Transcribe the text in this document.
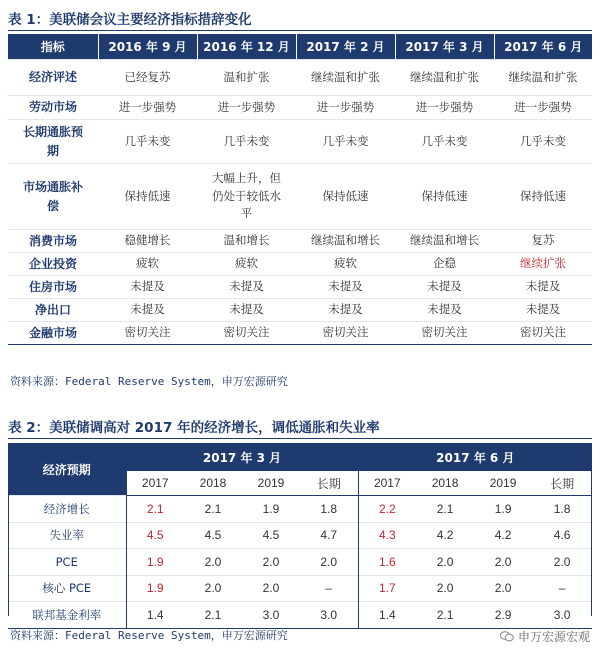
表 1：美联储会议主要经济指标措辞变化
指标	2016 年 9 月	2016 年 12 月	2017 年 2 月	2017 年 3 月	2017 年 6 月
经济评述	已经复苏	温和扩张	继续温和扩张	继续温和扩张	继续温和扩张
劳动市场	进一步强势	进一步强势	进一步强势	进一步强势	进一步强势
长期通胀预期	几乎未变	几乎未变	几乎未变	几乎未变	几乎未变
市场通胀补偿	保持低速	大幅上升，但仍处于较低水平	保持低速	保持低速	保持低速
消费市场	稳健增长	温和增长	继续温和增长	继续温和增长	复苏
企业投资	疲软	疲软	疲软	企稳	继续扩张
住房市场	未提及	未提及	未提及	未提及	未提及
净出口	未提及	未提及	未提及	未提及	未提及
金融市场	密切关注	密切关注	密切关注	密切关注	密切关注
资料来源：Federal Reserve System，申万宏源研究
表 2：美联储调高对 2017 年的经济增长，调低通胀和失业率
经济预期	2017 年 3 月				2017 年 6 月			
	2017	2018	2019	长期	2017	2018	2019	长期
经济增长	2.1	2.1	1.9	1.8	2.2	2.1	1.9	1.8
失业率	4.5	4.5	4.5	4.7	4.3	4.2	4.2	4.6
PCE	1.9	2.0	2.0	2.0	1.6	2.0	2.0	2.0
核心 PCE	1.9	2.0	2.0	–	1.7	2.0	2.0	–
联邦基金利率	1.4	2.1	3.0	3.0	1.4	2.1	2.9	3.0
资料来源：Federal Reserve System，申万宏源研究	申万宏源宏观
